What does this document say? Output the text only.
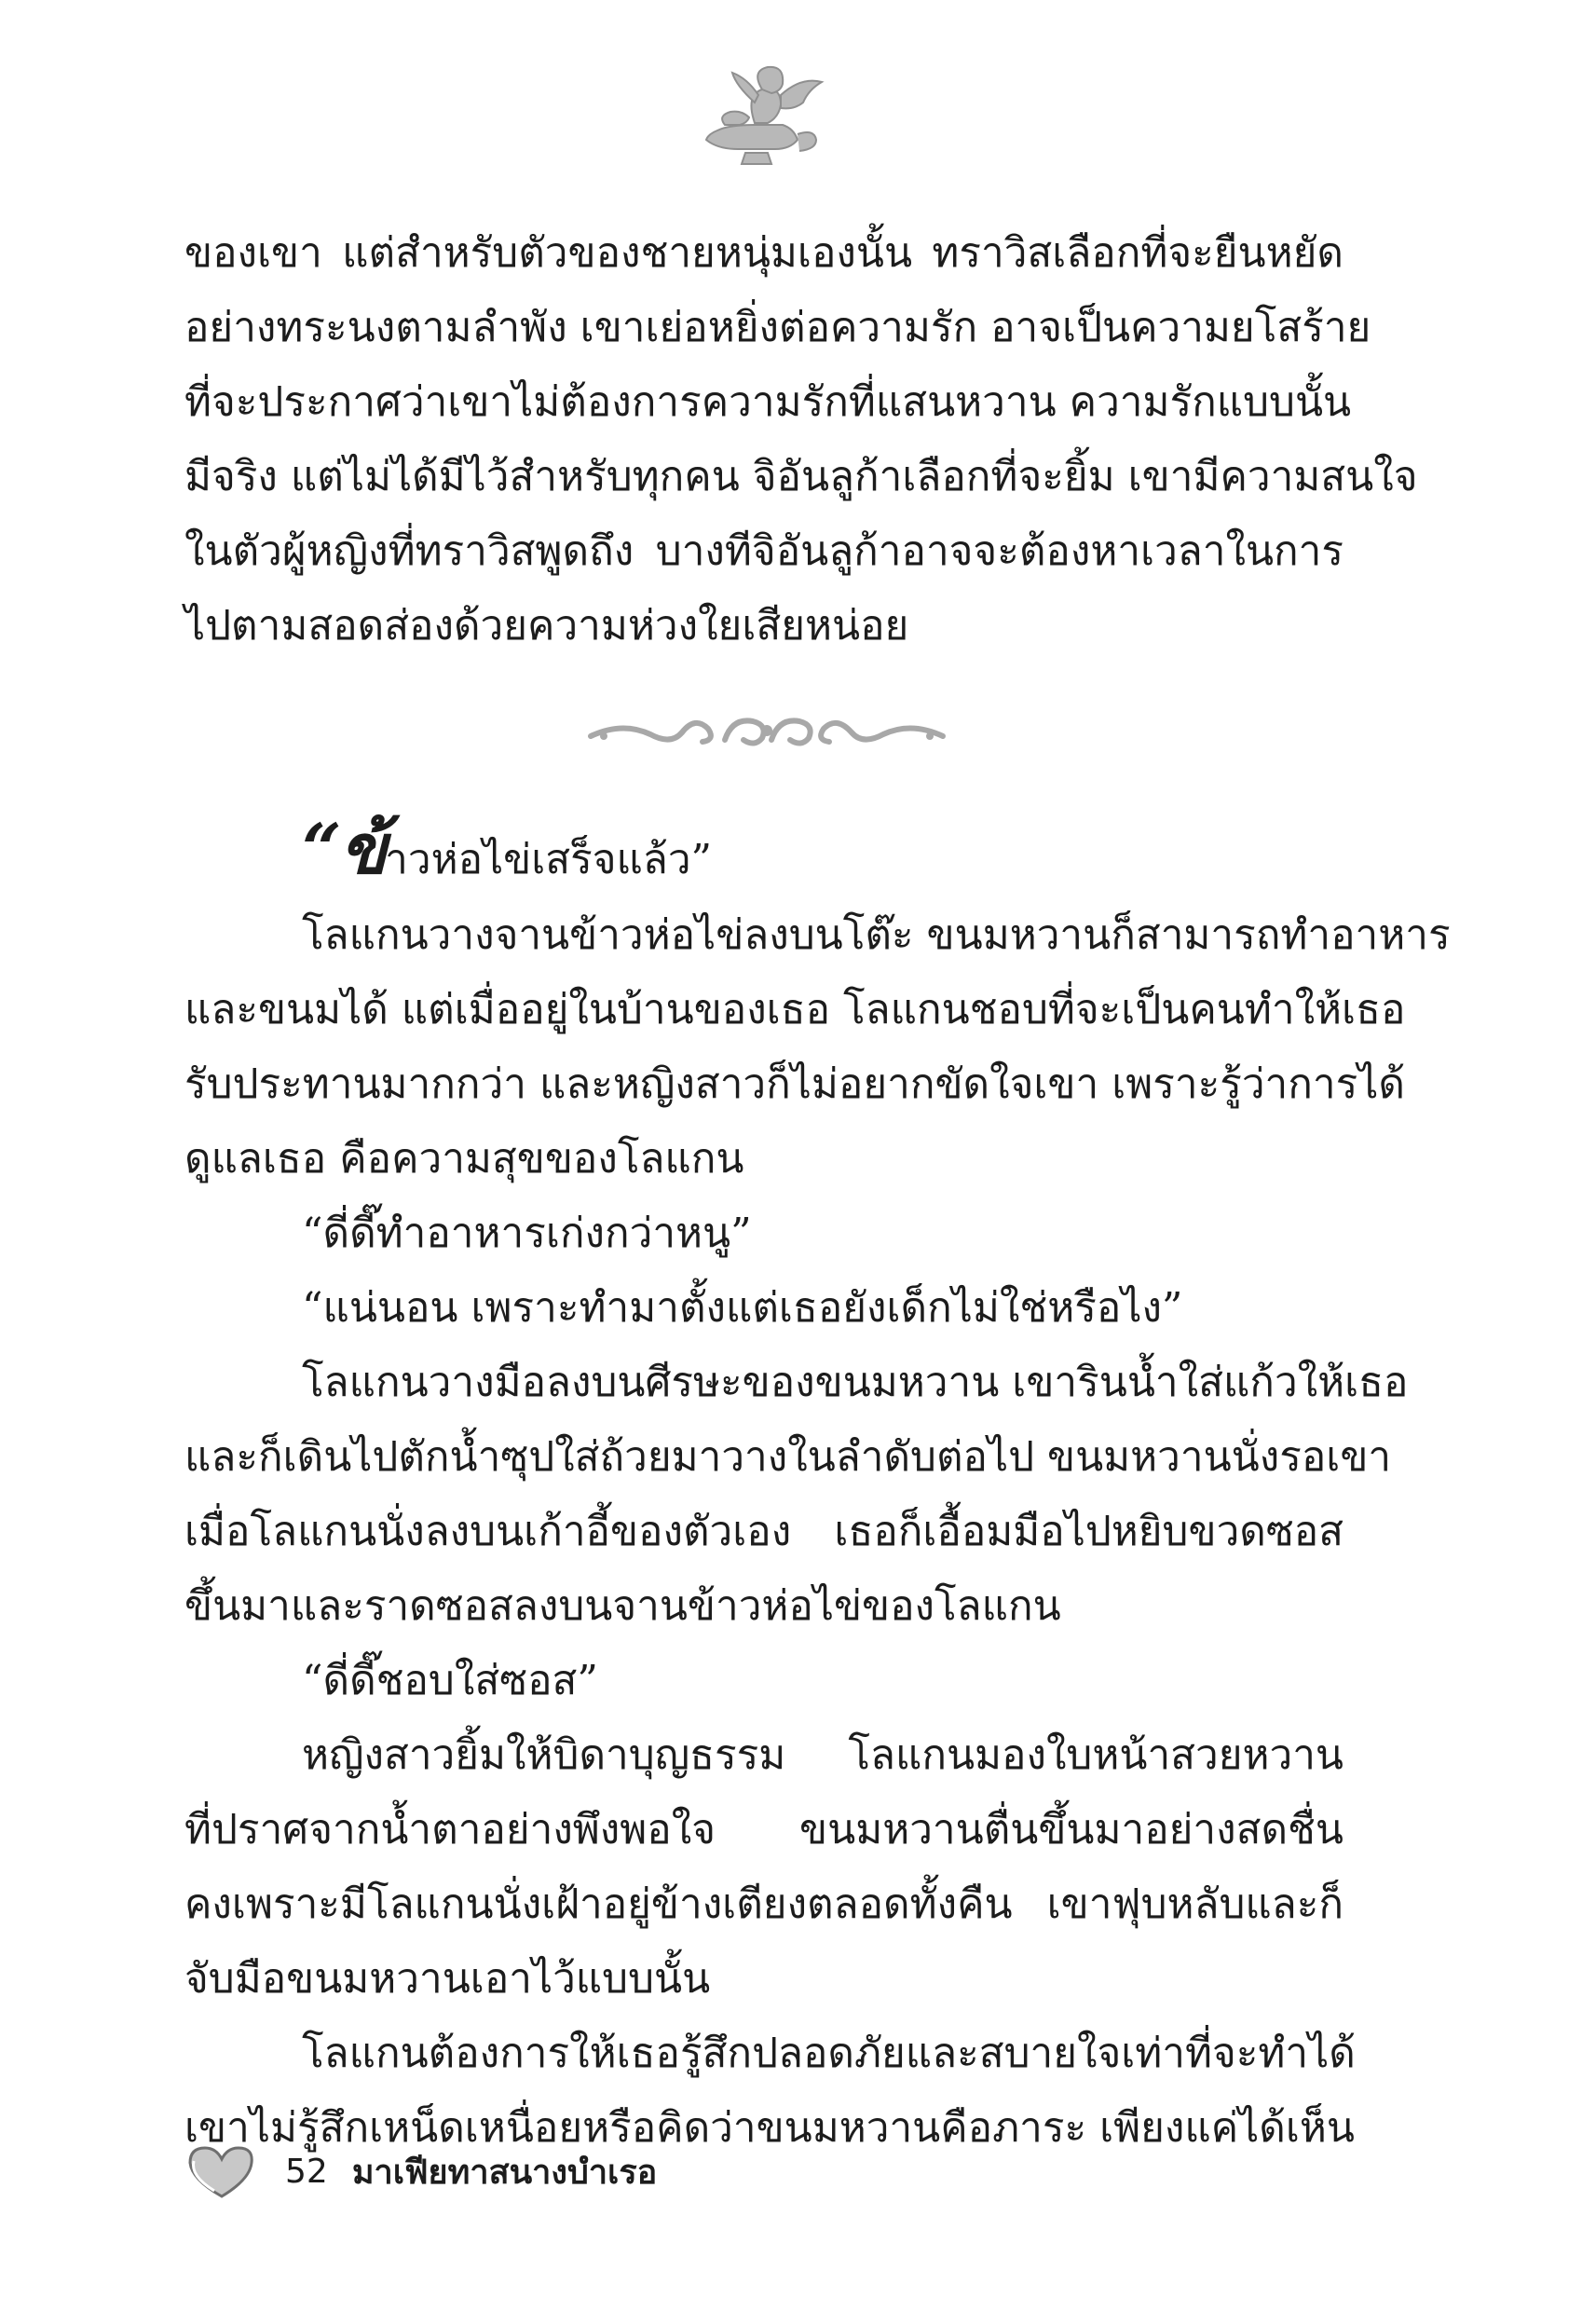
ของเขา แต่สำหรับตัวของชายหนุ่มเองนั้น ทราวิสเลือกที่จะยืนหยัด
อย่างทระนงตามลำพัง เขาเย่อหยิ่งต่อความรัก อาจเป็นความยโสร้าย
ที่จะประกาศว่าเขาไม่ต้องการความรักที่แสนหวาน ความรักแบบนั้น
มีจริง แต่ไม่ได้มีไว้สำหรับทุกคน จิอันลูก้าเลือกที่จะยิ้ม เขามีความสนใจ
ในตัวผู้หญิงที่ทราวิสพูดถึง บางทีจิอันลูก้าอาจจะต้องหาเวลาในการ
ไปตามสอดส่องด้วยความห่วงใยเสียหน่อย
“ข้าวห่อไข่เสร็จแล้ว”
โลแกนวางจานข้าวห่อไข่ลงบนโต๊ะ ขนมหวานก็สามารถทำอาหาร
และขนมได้ แต่เมื่ออยู่ในบ้านของเธอ โลแกนชอบที่จะเป็นคนทำให้เธอ
รับประทานมากกว่า และหญิงสาวก็ไม่อยากขัดใจเขา เพราะรู้ว่าการได้
ดูแลเธอ คือความสุขของโลแกน
“ดี่ดี๊ทำอาหารเก่งกว่าหนู”
“แน่นอน เพราะทำมาตั้งแต่เธอยังเด็กไม่ใช่หรือไง”
โลแกนวางมือลงบนศีรษะของขนมหวาน เขารินน้ำใส่แก้วให้เธอ
และก็เดินไปตักน้ำซุปใส่ถ้วยมาวางในลำดับต่อไป ขนมหวานนั่งรอเขา
เมื่อโลแกนนั่งลงบนเก้าอี้ของตัวเอง เธอก็เอื้อมมือไปหยิบขวดซอส
ขึ้นมาและราดซอสลงบนจานข้าวห่อไข่ของโลแกน
“ดี่ดี๊ชอบใส่ซอส”
หญิงสาวยิ้มให้บิดาบุญธรรม โลแกนมองใบหน้าสวยหวาน
ที่ปราศจากน้ำตาอย่างพึงพอใจ ขนมหวานตื่นขึ้นมาอย่างสดชื่น
คงเพราะมีโลแกนนั่งเฝ้าอยู่ข้างเตียงตลอดทั้งคืน เขาฟุบหลับและก็
จับมือขนมหวานเอาไว้แบบนั้น
โลแกนต้องการให้เธอรู้สึกปลอดภัยและสบายใจเท่าที่จะทำได้
เขาไม่รู้สึกเหน็ดเหนื่อยหรือคิดว่าขนมหวานคือภาระ เพียงแค่ได้เห็น
52 มาเฟียทาสนางบำเรอ
